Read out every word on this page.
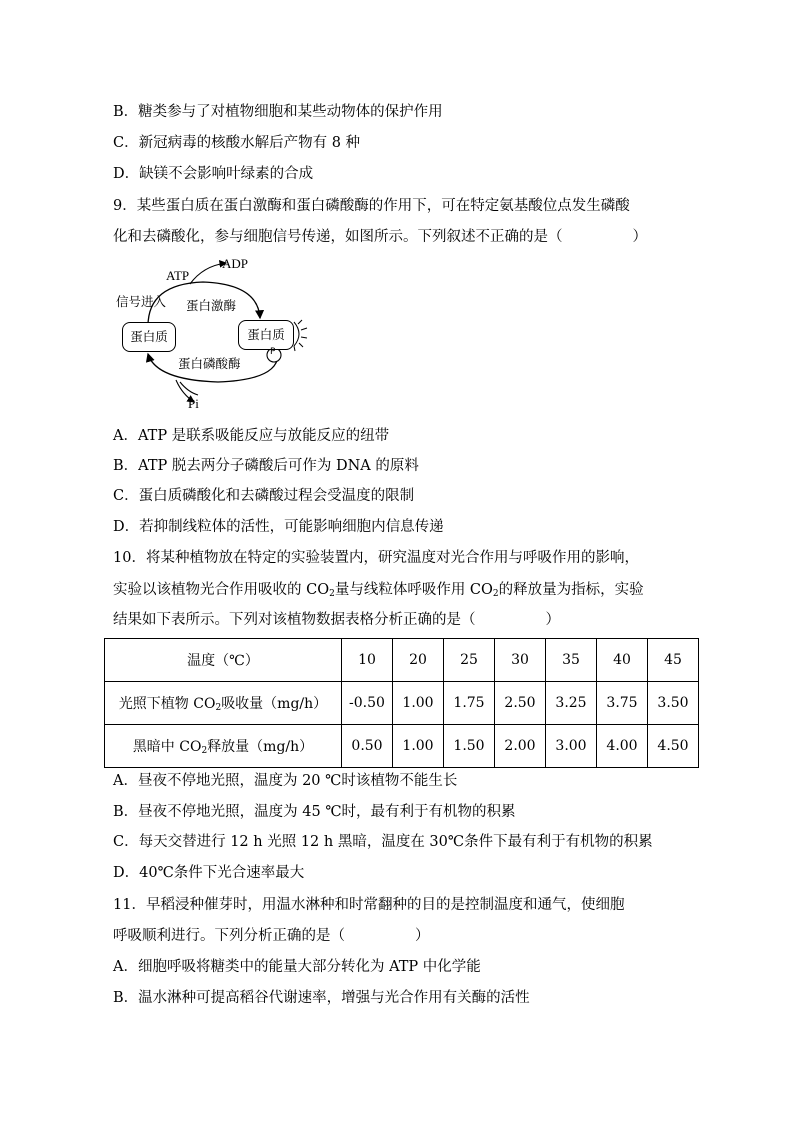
B．糖类参与了对植物细胞和某些动物体的保护作用
C．新冠病毒的核酸水解后产物有 8 种
D．缺镁不会影响叶绿素的合成
9．某些蛋白质在蛋白激酶和蛋白磷酸酶的作用下，可在特定氨基酸位点发生磷酸
化和去磷酸化，参与细胞信号传递，如图所示。下列叙述不正确的是（	）
ATP
ADP
信号进入 蛋白激酶
蛋白质	蛋白质
P
蛋白磷酸酶
Pi
A．ATP 是联系吸能反应与放能反应的纽带
B．ATP 脱去两分子磷酸后可作为 DNA 的原料
C．蛋白质磷酸化和去磷酸过程会受温度的限制
D．若抑制线粒体的活性，可能影响细胞内信息传递
10．将某种植物放在特定的实验装置内，研究温度对光合作用与呼吸作用的影响，
实验以该植物光合作用吸收的 $CO_2$量与线粒体呼吸作用 $CO_2$的释放量为指标，实验
结果如下表所示。下列对该植物数据表格分析正确的是（	）
温度（℃）	10	20	25	30	35	40	45
光照下植物 $CO_2$吸收量（mg/h）	-0.50	1.00	1.75	2.50	3.25	3.75	3.50
黑暗中 $CO_2$释放量（mg/h）	0.50	1.00	1.50	2.00	3.00	4.00	4.50
A．昼夜不停地光照，温度为 20 ℃时该植物不能生长
B．昼夜不停地光照，温度为 45 ℃时，最有利于有机物的积累
C．每天交替进行 12 h 光照 12 h 黑暗，温度在 30℃条件下最有利于有机物的积累
D．40℃条件下光合速率最大
11．早稻浸种催芽时，用温水淋种和时常翻种的目的是控制温度和通气，使细胞
呼吸顺利进行。下列分析正确的是（	）
A．细胞呼吸将糖类中的能量大部分转化为 ATP 中化学能
B．温水淋种可提高稻谷代谢速率，增强与光合作用有关酶的活性
